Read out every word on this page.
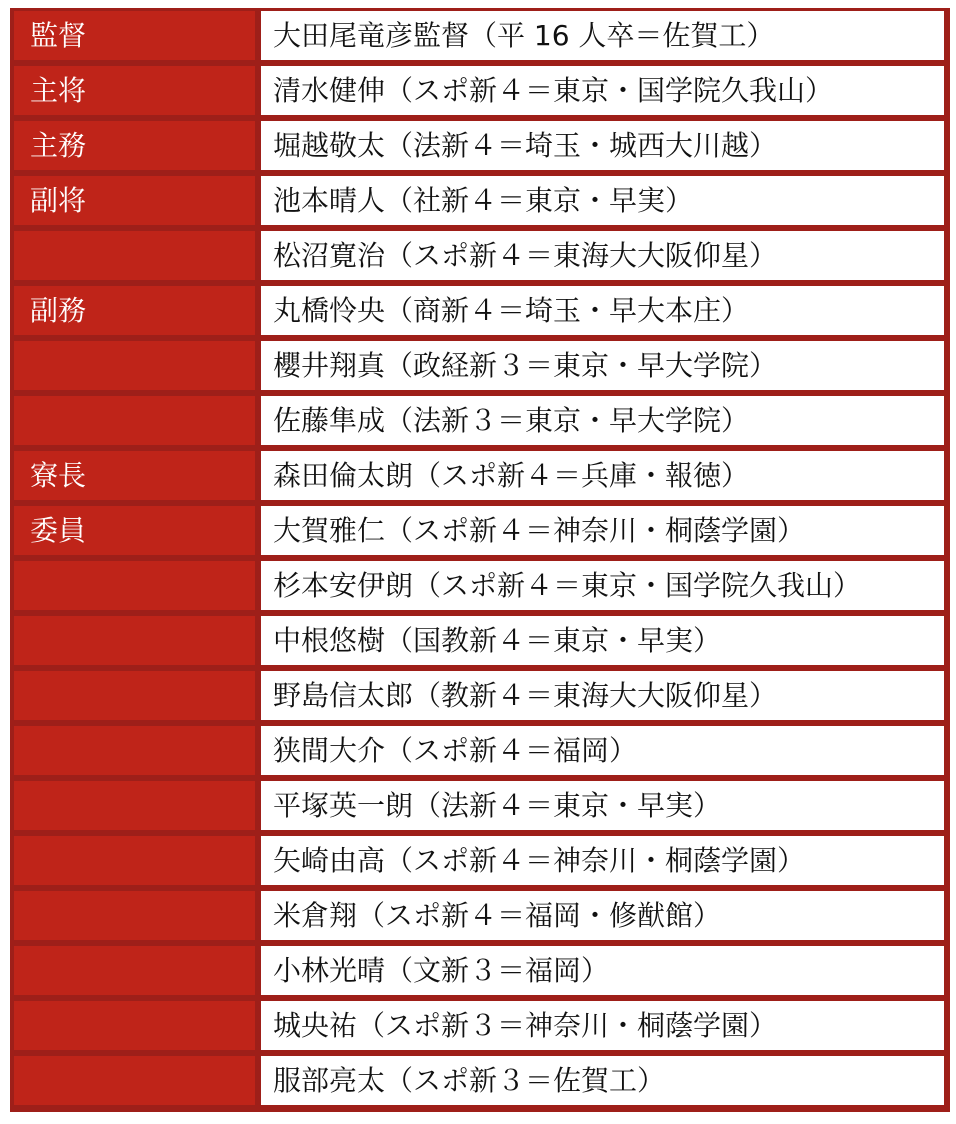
監督	大田尾竜彦監督（平 16 人卒＝佐賀工）
主将	清水健伸（スポ新４＝東京・国学院久我山）
主務	堀越敬太（法新４＝埼玉・城西大川越）
副将	池本晴人（社新４＝東京・早実）
	松沼寛治（スポ新４＝東海大大阪仰星）
副務	丸橋怜央（商新４＝埼玉・早大本庄）
	櫻井翔真（政経新３＝東京・早大学院）
	佐藤隼成（法新３＝東京・早大学院）
寮長	森田倫太朗（スポ新４＝兵庫・報徳）
委員	大賀雅仁（スポ新４＝神奈川・桐蔭学園）
	杉本安伊朗（スポ新４＝東京・国学院久我山）
	中根悠樹（国教新４＝東京・早実）
	野島信太郎（教新４＝東海大大阪仰星）
	狭間大介（スポ新４＝福岡）
	平塚英一朗（法新４＝東京・早実）
	矢崎由高（スポ新４＝神奈川・桐蔭学園）
	米倉翔（スポ新４＝福岡・修猷館）
	小林光晴（文新３＝福岡）
	城央祐（スポ新３＝神奈川・桐蔭学園）
	服部亮太（スポ新３＝佐賀工）
